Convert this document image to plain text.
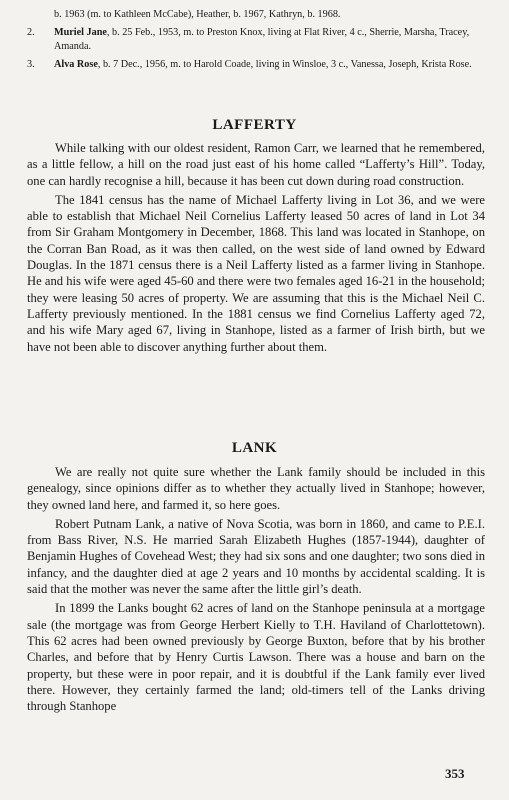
b. 1963 (m. to Kathleen McCabe), Heather, b. 1967, Kathryn, b. 1968.
2. Muriel Jane, b. 25 Feb., 1953, m. to Preston Knox, living at Flat River, 4 c., Sherrie, Marsha, Tracey, Amanda.
3. Alva Rose, b. 7 Dec., 1956, m. to Harold Coade, living in Winsloe, 3 c., Vanessa, Joseph, Krista Rose.
LAFFERTY

While talking with our oldest resident, Ramon Carr, we learned that he remembered, as a little fellow, a hill on the road just east of his home called “Lafferty’s Hill”. Today, one can hardly recognise a hill, because it has been cut down during road construction.

The 1841 census has the name of Michael Lafferty living in Lot 36, and we were able to establish that Michael Neil Cornelius Lafferty leased 50 acres of land in Lot 34 from Sir Graham Montgomery in December, 1868. This land was located in Stanhope, on the Corran Ban Road, as it was then called, on the west side of land owned by Edward Douglas. In the 1871 census there is a Neil Lafferty listed as a farmer living in Stanhope. He and his wife were aged 45-60 and there were two females aged 16-21 in the household; they were leasing 50 acres of property. We are assuming that this is the Michael Neil C. Lafferty previously mentioned. In the 1881 census we find Cornelius Lafferty aged 72, and his wife Mary aged 67, living in Stanhope, listed as a farmer of Irish birth, but we have not been able to discover anything further about them.

LANK

We are really not quite sure whether the Lank family should be included in this genealogy, since opinions differ as to whether they actually lived in Stanhope; however, they owned land here, and farmed it, so here goes.

Robert Putnam Lank, a native of Nova Scotia, was born in 1860, and came to P.E.I. from Bass River, N.S. He married Sarah Elizabeth Hughes (1857-1944), daughter of Benjamin Hughes of Covehead West; they had six sons and one daughter; two sons died in infancy, and the daughter died at age 2 years and 10 months by accidental scalding. It is said that the mother was never the same after the little girl’s death.

In 1899 the Lanks bought 62 acres of land on the Stanhope peninsula at a mortgage sale (the mortgage was from George Herbert Kielly to T.H. Haviland of Charlottetown). This 62 acres had been owned previously by George Buxton, before that by his brother Charles, and before that by Henry Curtis Lawson. There was a house and barn on the property, but these were in poor repair, and it is doubtful if the Lank family ever lived there. However, they certainly farmed the land; old-timers tell of the Lanks driving through Stanhope

353
